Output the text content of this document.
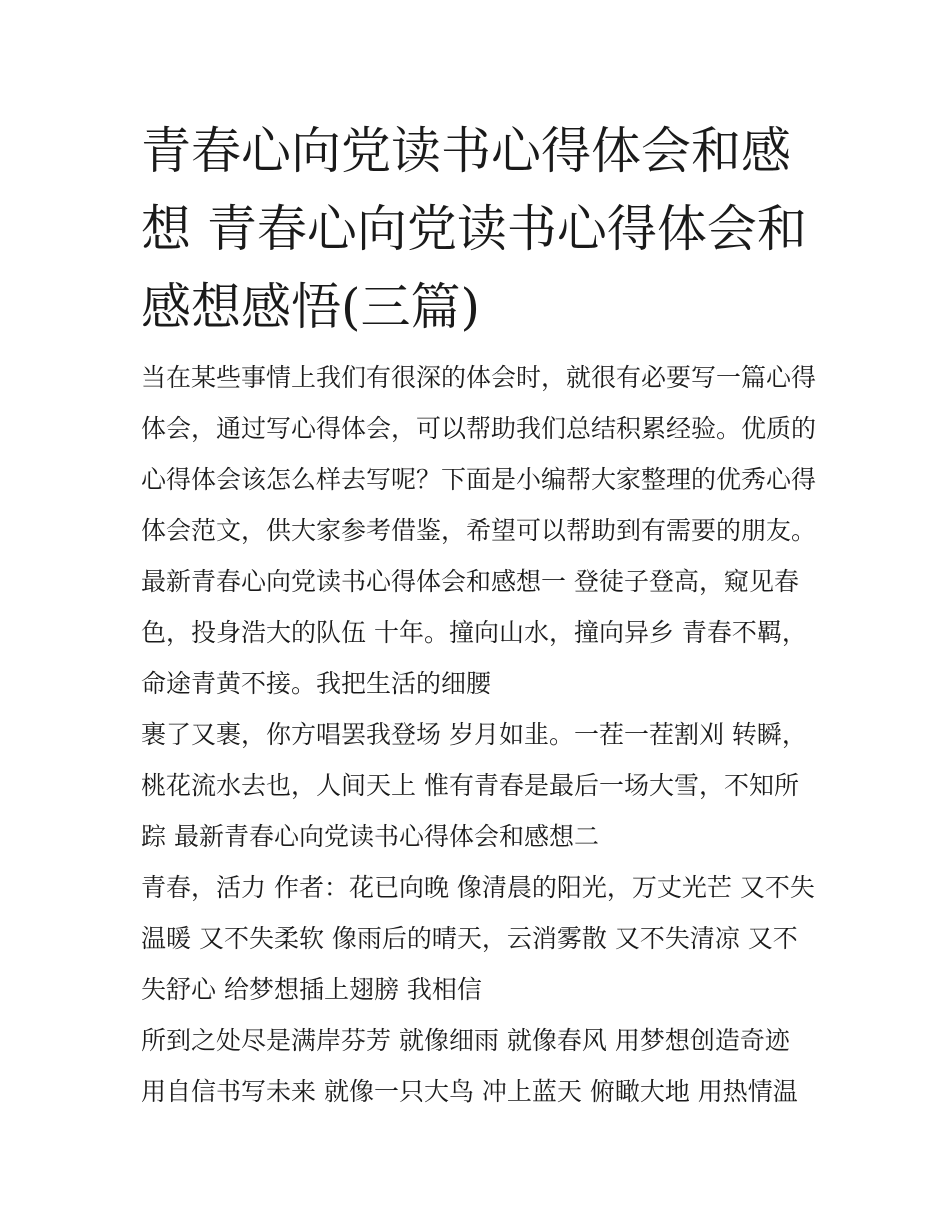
青春心向党读书心得体会和感
想 青春心向党读书心得体会和
感想感悟(三篇)
当在某些事情上我们有很深的体会时，就很有必要写一篇心得
体会，通过写心得体会，可以帮助我们总结积累经验。优质的
心得体会该怎么样去写呢？下面是小编帮大家整理的优秀心得
体会范文，供大家参考借鉴，希望可以帮助到有需要的朋友。
最新青春心向党读书心得体会和感想一 登徒子登高，窥见春
色，投身浩大的队伍 十年。撞向山水，撞向异乡 青春不羁，
命途青黄不接。我把生活的细腰
裹了又裹，你方唱罢我登场 岁月如韭。一茬一茬割刈 转瞬，
桃花流水去也，人间天上 惟有青春是最后一场大雪，不知所
踪 最新青春心向党读书心得体会和感想二
青春，活力 作者：花已向晚 像清晨的阳光，万丈光芒 又不失
温暖 又不失柔软 像雨后的晴天，云消雾散 又不失清凉 又不
失舒心 给梦想插上翅膀 我相信
所到之处尽是满岸芬芳 就像细雨 就像春风 用梦想创造奇迹
用自信书写未来 就像一只大鸟 冲上蓝天 俯瞰大地 用热情温
